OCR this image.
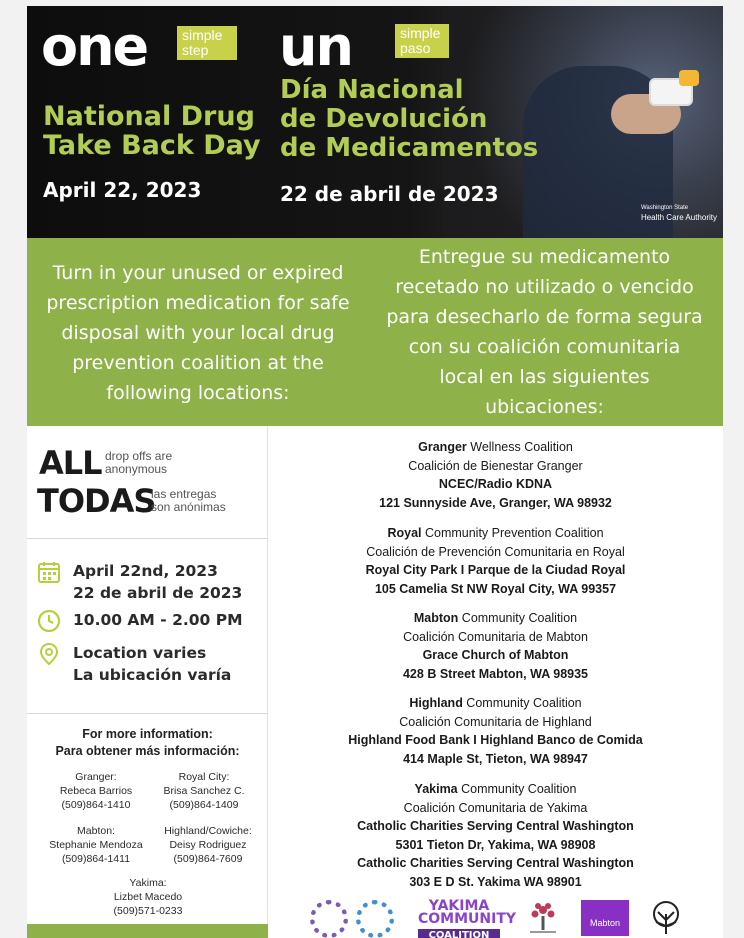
one simple
step	un	simple
paso
National Drug
Take Back Day
Día Nacional
de Devolución
de Medicamentos
April 22, 2023	22 de abril de 2023
Washington State
Health Care Authority
Turn in your unused or expired
prescription medication for safe
disposal with your local drug
prevention coalition at the
following locations:
Entregue su medicamento
recetado no utilizado o vencido
para desecharlo de forma segura
con su coalición comunitaria
local en las siguientes
ubicaciones:
ALL drop offs are
anonymous
TODAS
las entregas
son anónimas
April 22nd, 2023
22 de abril de 2023
10.00 AM - 2.00 PM
Location varies
La ubicación varía
For more information:
Para obtener más información:
Granger:
Rebeca Barrios
(509)864-1410
Royal City:
Brisa Sanchez C.
(509)864-1409
Mabton:
Stephanie Mendoza
(509)864-1411
Highland/Cowiche:
Deisy Rodriguez
(509)864-7609
Yakima:
Lizbet Macedo
(509)571-0233
Granger Wellness Coalition
Coalición de Bienestar Granger
NCEC/Radio KDNA
121 Sunnyside Ave, Granger, WA 98932
Royal Community Prevention Coalition
Coalición de Prevención Comunitaria en Royal
Royal City Park I Parque de la Ciudad Royal
105 Camelia St NW Royal City, WA 99357
Mabton Community Coalition
Coalición Comunitaria de Mabton
Grace Church of Mabton
428 B Street Mabton, WA 98935
Highland Community Coalition
Coalición Comunitaria de Highland
Highland Food Bank I Highland Banco de Comida
414 Maple St, Tieton, WA 98947
Yakima Community Coalition
Coalición Comunitaria de Yakima
Catholic Charities Serving Central Washington
5301 Tieton Dr, Yakima, WA 98908
Catholic Charities Serving Central Washington
303 E D St. Yakima WA 98901
YAKIMA
COMMUNITY
COALITION
Mabton
